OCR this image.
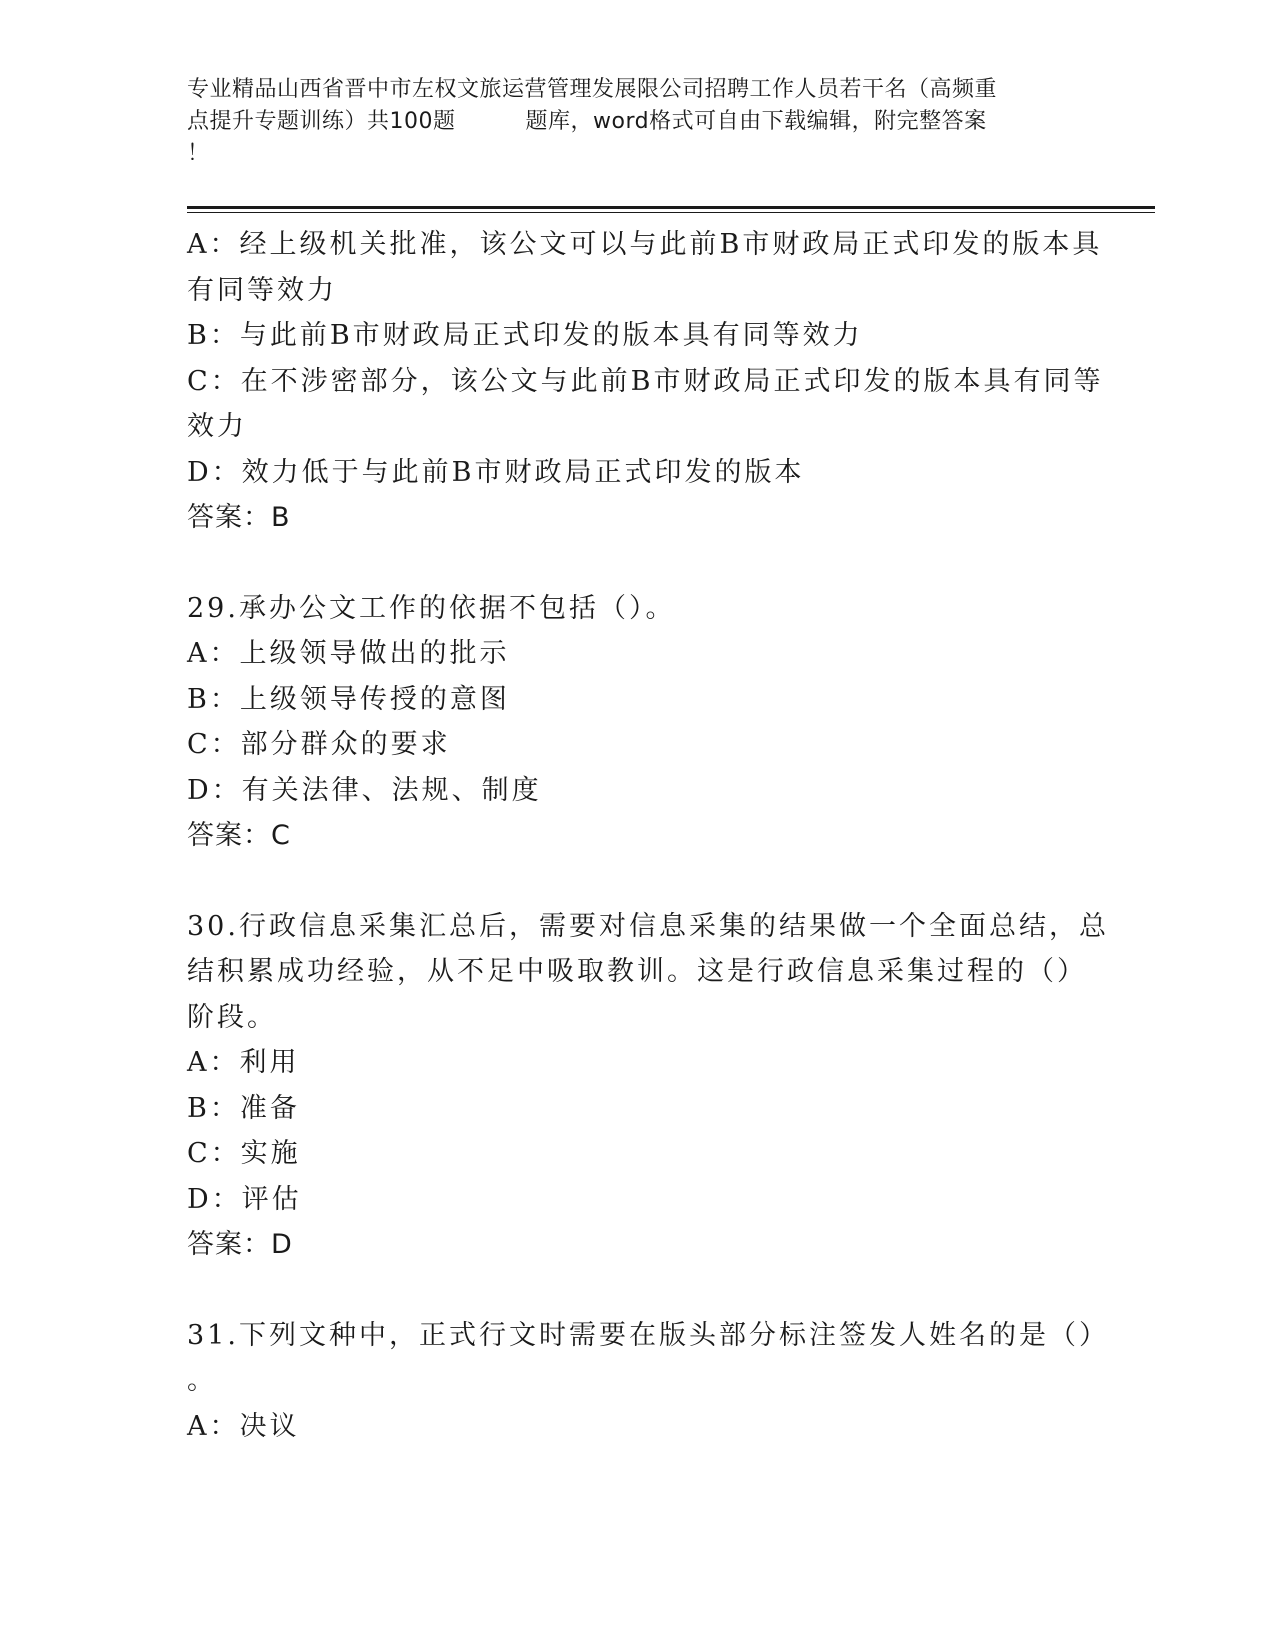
专业精品山西省晋中市左权文旅运营管理发展限公司招聘工作人员若干名（高频重
点提升专题训练）共100题	题库，word格式可自由下载编辑，附完整答案
！
A：经上级机关批准，该公文可以与此前B市财政局正式印发的版本具
有同等效力
B：与此前B市财政局正式印发的版本具有同等效力
C：在不涉密部分，该公文与此前B市财政局正式印发的版本具有同等
效力
D：效力低于与此前B市财政局正式印发的版本
答案：B
29.承办公文工作的依据不包括（）。
A：上级领导做出的批示
B：上级领导传授的意图
C：部分群众的要求
D：有关法律、法规、制度
答案：C
30.行政信息采集汇总后，需要对信息采集的结果做一个全面总结，总
结积累成功经验，从不足中吸取教训。这是行政信息采集过程的（）
阶段。
A：利用
B：准备
C：实施
D：评估
答案：D
31.下列文种中，正式行文时需要在版头部分标注签发人姓名的是（）
。
A：决议
